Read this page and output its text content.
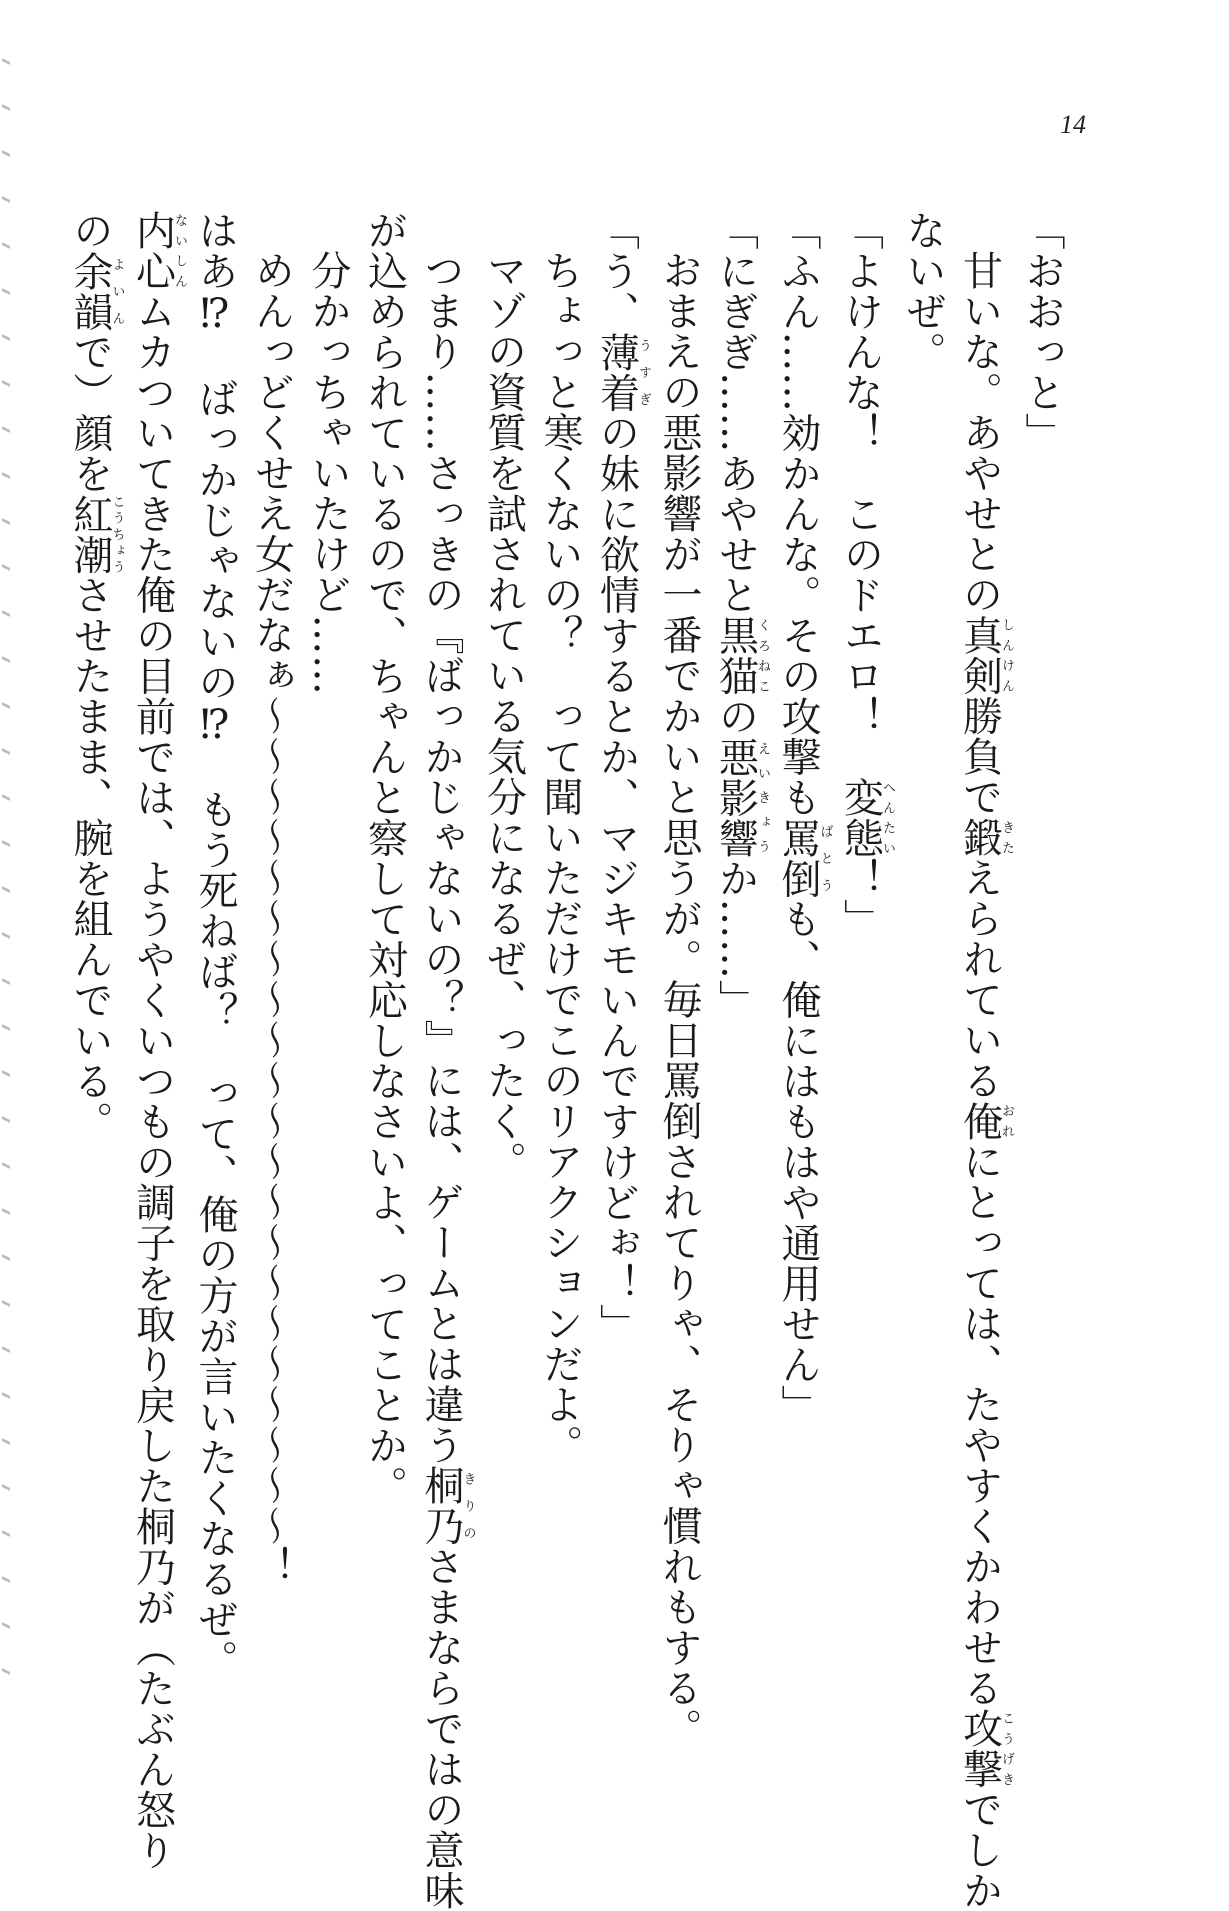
14
「おおっと」
甘いな。あやせとの真剣しんけん勝負で鍛きたえられている俺おれにとっては、たやすくかわせる攻撃こうげきでしか
ないぜ。
「よけんな！　このドエロ！　変態へんたい！」
「ふん……効かんな。その攻撃も罵倒ばとうも、俺にはもはや通用せん」
「にぎぎ……あやせと黒猫くろねこの悪影響えいきょうか……」
おまえの悪影響が一番でかいと思うが。毎日罵倒されてりゃ、そりゃ慣れもする。
「う、薄着うすぎの妹に欲情するとか、マジキモいんですけどぉ！」
ちょっと寒くないの？　って聞いただけでこのリアクションだよ。
マゾの資質を試されている気分になるぜ、ったく。
つまり……さっきの『ばっかじゃないの？』には、ゲームとは違う桐乃きりのさまならではの意味
が込められているので、ちゃんと察して対応しなさいよ、ってことか。
分かっちゃいたけど……
めんっどくせえ女だなぁ～～～～～～～～～～～～～～～～～～～～～！
はあ⁉　ばっかじゃないの⁉　もう死ねば？　って、俺の方が言いたくなるぜ。
内心ないしんムカついてきた俺の目前では、ようやくいつもの調子を取り戻した桐乃が（たぶん怒り
の余韻よいんで）顔を紅潮こうちょうさせたまま、腕を組んでいる。
